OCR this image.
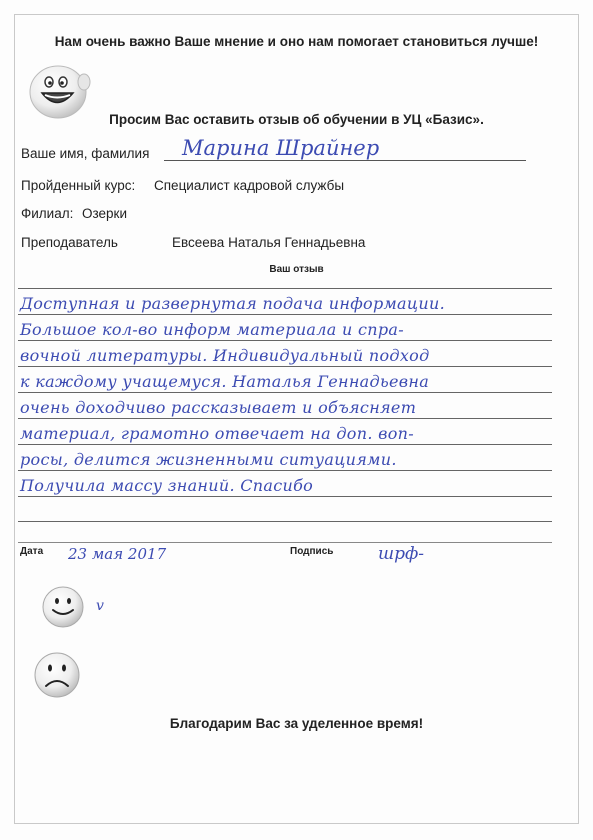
Нам очень важно Ваше мнение и оно нам помогает становиться лучше!
Просим Вас оставить отзыв об обучении в УЦ «Базис».
Ваше имя, фамилия Марина Шрайнер
Пройденный курс: Специалист кадровой службы
Филиал: Озерки
Преподаватель	Евсеева Наталья Геннадьевна
Ваш отзыв
Доступная и развернутая подача информации.
Большое кол-во информ материала и спра-
вочной литературы. Индивидуальный подход
к каждому учащемуся. Наталья Геннадьевна
очень доходчиво рассказывает и объясняет
материал, грамотно отвечает на доп. воп-
росы, делится жизненными ситуациями.
Получила массу знаний. Спасибо
Дата 23 мая 2017	Подпись	шрф-
v
Благодарим Вас за уделенное время!
